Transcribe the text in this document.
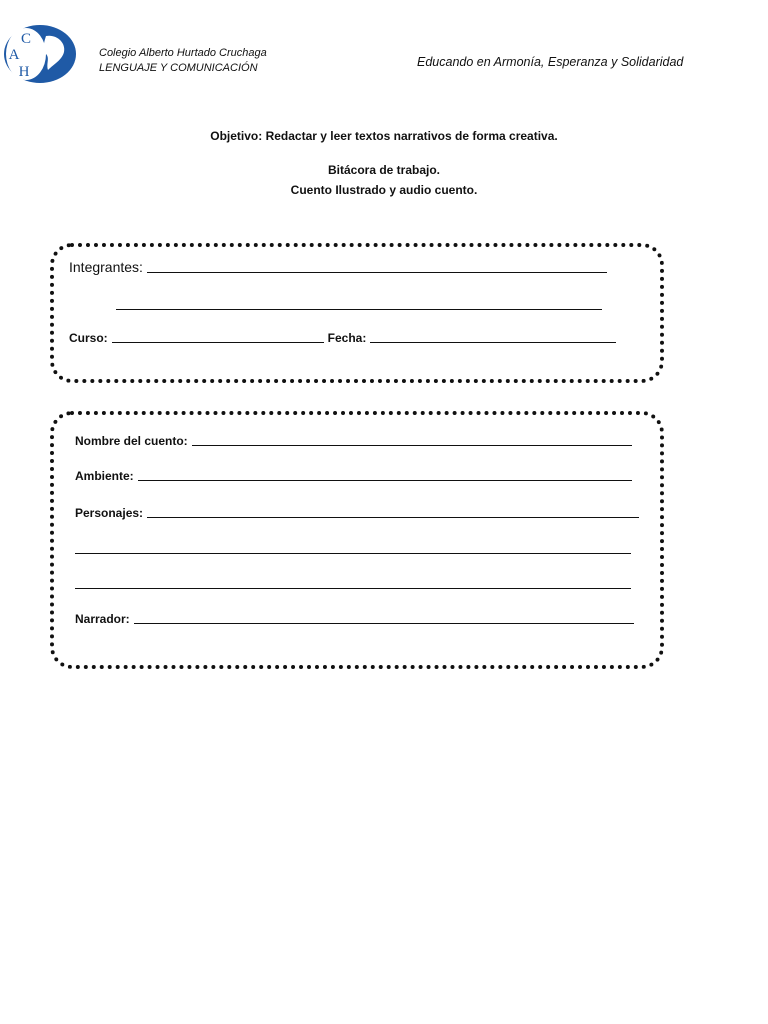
C
A
H
Colegio Alberto Hurtado Cruchaga
LENGUAJE Y COMUNICACIÓN	Educando en Armonía, Esperanza y Solidaridad
Objetivo: Redactar y leer textos narrativos de forma creativa.
Bitácora de trabajo.
Cuento Ilustrado y audio cuento.
Integrantes:
Curso:	Fecha:
Nombre del cuento:
Ambiente:
Personajes:
Narrador:
